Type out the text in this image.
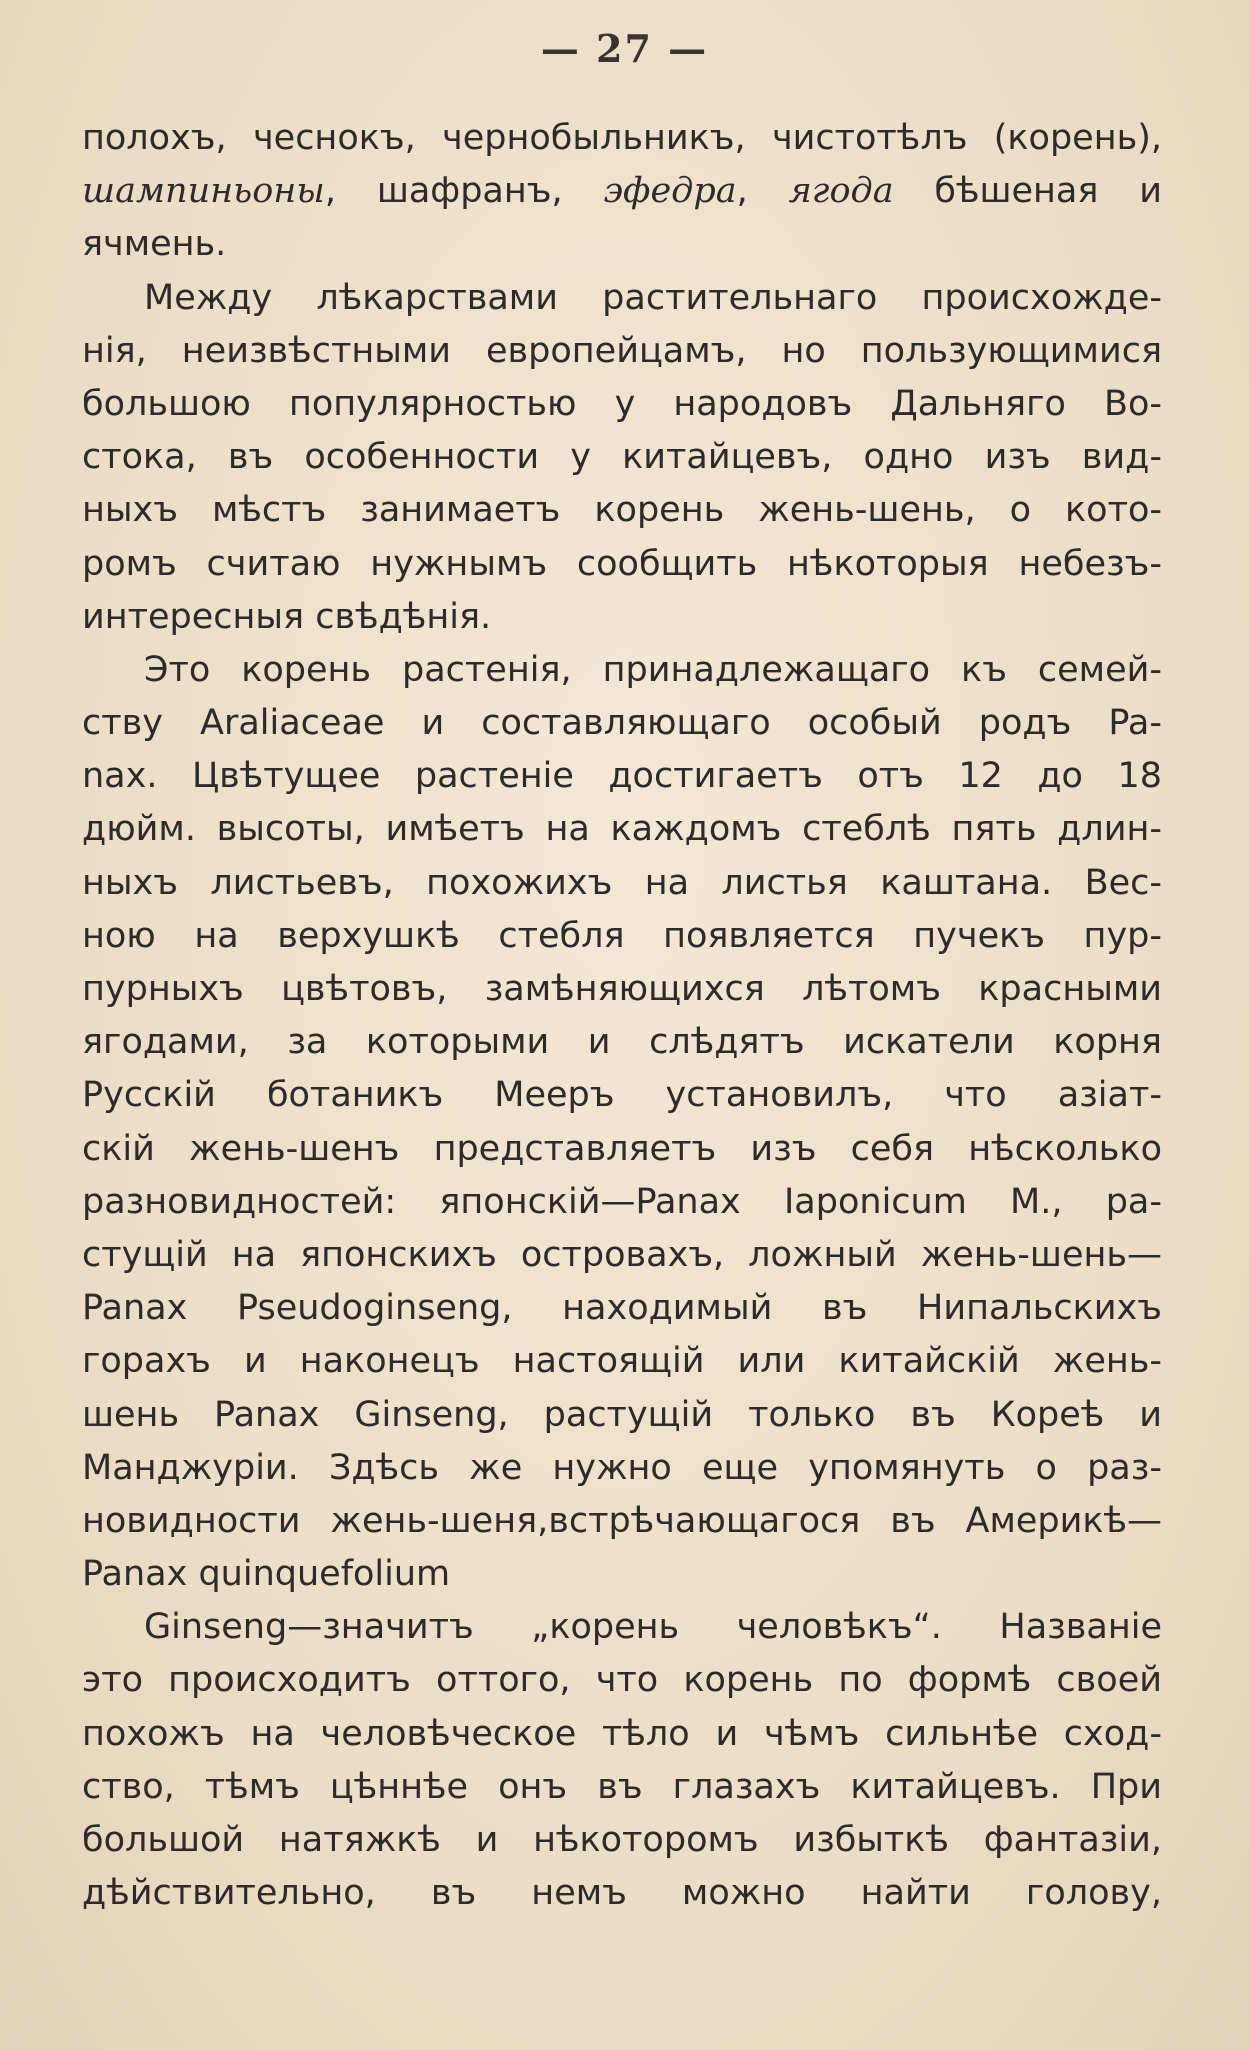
— 27 —
полохъ, чеснокъ, чернобыльникъ, чистотѣлъ (корень),
шампиньоны, шафранъ, эфедра, ягода бѣшеная и
ячмень.
Между лѣкарствами растительнаго происхожде-
нія, неизвѣстными европейцамъ, но пользующимися
большою популярностью у народовъ Дальняго Во-
стока, въ особенности у китайцевъ, одно изъ вид-
ныхъ мѣстъ занимаетъ корень жень-шень, о кото-
ромъ считаю нужнымъ сообщить нѣкоторыя небезъ-
интересныя свѣдѣнія.
Это корень растенія, принадлежащаго къ семей-
ству Araliaceae и составляющаго особый родъ Pa-
nax. Цвѣтущее растеніе достигаетъ отъ 12 до 18
дюйм. высоты, имѣетъ на каждомъ стеблѣ пять длин-
ныхъ листьевъ, похожихъ на листья каштана. Вес-
ною на верхушкѣ стебля появляется пучекъ пур-
пурныхъ цвѣтовъ, замѣняющихся лѣтомъ красными
ягодами, за которыми и слѣдятъ искатели корня
Русскій ботаникъ Мееръ установилъ, что азіат-
скій жень-шенъ представляетъ изъ себя нѣсколько
разновидностей: японскій—Panax Iaponicum M., ра-
стущій на японскихъ островахъ, ложный жень-шень—
Panax Pseudoginseng, находимый въ Нипальскихъ
горахъ и наконецъ настоящій или китайскій жень-
шень Panax Ginseng, растущій только въ Кореѣ и
Манджуріи. Здѣсь же нужно еще упомянуть о раз-
новидности жень-шеня,встрѣчающагося въ Америкѣ—
Panax quinquefolium
Ginseng—значитъ „корень человѣкъ“. Названіе
это происходитъ оттого, что корень по формѣ своей
похожъ на человѣческое тѣло и чѣмъ сильнѣе сход-
ство, тѣмъ цѣннѣе онъ въ глазахъ китайцевъ. При
большой натяжкѣ и нѣкоторомъ избыткѣ фантазіи,
дѣйствительно, въ немъ можно найти голову,
